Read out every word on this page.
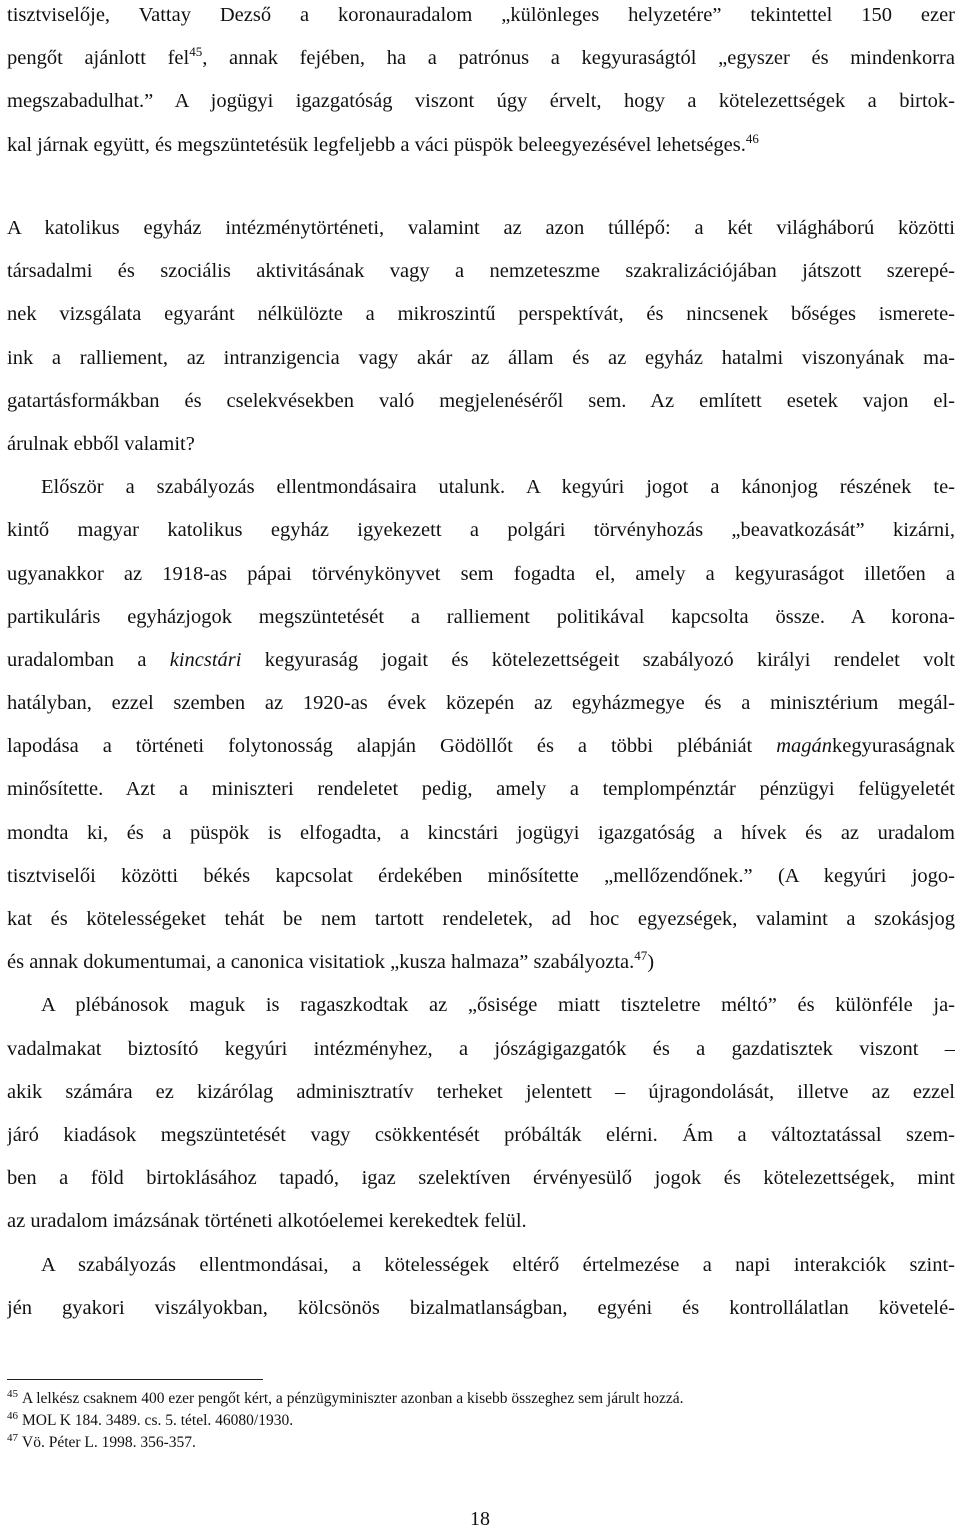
tisztviselője, Vattay Dezső a koronauradalom „különleges helyzetére” tekintettel 150 ezer
pengőt ajánlott fel$^{45}$, annak fejében, ha a patrónus a kegyuraságtól „egyszer és mindenkorra
megszabadulhat.” A jogügyi igazgatóság viszont úgy érvelt, hogy a kötelezettségek a birtok-
kal járnak együtt, és megszüntetésük legfeljebb a váci püspök beleegyezésével lehetséges.$^{46}$
A katolikus egyház intézménytörténeti, valamint az azon túllépő: a két világháború közötti
társadalmi és szociális aktivitásának vagy a nemzeteszme szakralizációjában játszott szerepé-
nek vizsgálata egyaránt nélkülözte a mikroszintű perspektívát, és nincsenek bőséges ismerete-
ink a ralliement, az intranzigencia vagy akár az állam és az egyház hatalmi viszonyának ma-
gatartásformákban és cselekvésekben való megjelenéséről sem. Az említett esetek vajon el-
árulnak ebből valamit?
Először a szabályozás ellentmondásaira utalunk. A kegyúri jogot a kánonjog részének te-
kintő magyar katolikus egyház igyekezett a polgári törvényhozás „beavatkozását” kizárni,
ugyanakkor az 1918-as pápai törvénykönyvet sem fogadta el, amely a kegyuraságot illetően a
partikuláris egyházjogok megszüntetését a ralliement politikával kapcsolta össze. A korona-
uradalomban a kincstári kegyuraság jogait és kötelezettségeit szabályozó királyi rendelet volt
hatályban, ezzel szemben az 1920-as évek közepén az egyházmegye és a minisztérium megál-
lapodása a történeti folytonosság alapján Gödöllőt és a többi plébániát magánkegyuraságnak
minősítette. Azt a miniszteri rendeletet pedig, amely a templompénztár pénzügyi felügyeletét
mondta ki, és a püspök is elfogadta, a kincstári jogügyi igazgatóság a hívek és az uradalom
tisztviselői közötti békés kapcsolat érdekében minősítette „mellőzendőnek.” (A kegyúri jogo-
kat és kötelességeket tehát be nem tartott rendeletek, ad hoc egyezségek, valamint a szokásjog
és annak dokumentumai, a canonica visitatiok „kusza halmaza” szabályozta.$^{47}$)
A plébánosok maguk is ragaszkodtak az „ősisége miatt tiszteletre méltó” és különféle ja-
vadalmakat biztosító kegyúri intézményhez, a jószágigazgatók és a gazdatisztek viszont –
akik számára ez kizárólag adminisztratív terheket jelentett – újragondolását, illetve az ezzel
járó kiadások megszüntetését vagy csökkentését próbálták elérni. Ám a változtatással szem-
ben a föld birtoklásához tapadó, igaz szelektíven érvényesülő jogok és kötelezettségek, mint
az uradalom imázsának történeti alkotóelemei kerekedtek felül.
A szabályozás ellentmondásai, a kötelességek eltérő értelmezése a napi interakciók szint-
jén gyakori viszályokban, kölcsönös bizalmatlanságban, egyéni és kontrollálatlan követelé-
$^{45}$ A lelkész csaknem 400 ezer pengőt kért, a pénzügyminiszter azonban a kisebb összeghez sem járult hozzá.
$^{46}$ MOL K 184. 3489. cs. 5. tétel. 46080/1930.
$^{47}$ Vö. Péter L. 1998. 356-357.
18
